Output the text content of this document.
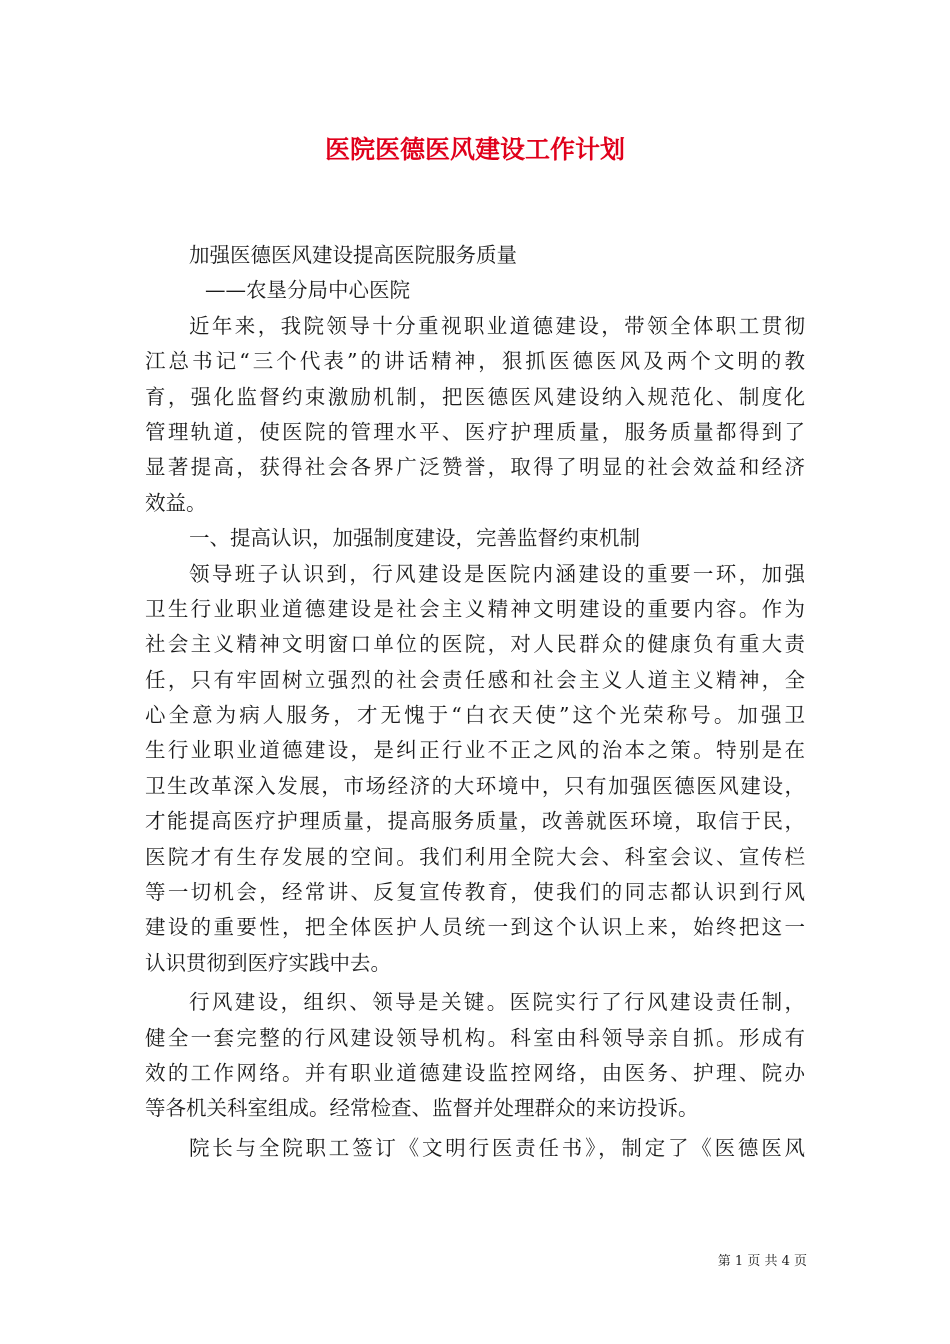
医院医德医风建设工作计划
加强医德医风建设提高医院服务质量
——农垦分局中心医院
近年来，我院领导十分重视职业道德建设，带领全体职工贯彻
江总书记“三个代表”的讲话精神，狠抓医德医风及两个文明的教
育，强化监督约束激励机制，把医德医风建设纳入规范化、制度化
管理轨道，使医院的管理水平、医疗护理质量，服务质量都得到了
显著提高，获得社会各界广泛赞誉，取得了明显的社会效益和经济
效益。
一、提高认识，加强制度建设，完善监督约束机制
领导班子认识到，行风建设是医院内涵建设的重要一环，加强
卫生行业职业道德建设是社会主义精神文明建设的重要内容。作为
社会主义精神文明窗口单位的医院，对人民群众的健康负有重大责
任，只有牢固树立强烈的社会责任感和社会主义人道主义精神，全
心全意为病人服务，才无愧于“白衣天使”这个光荣称号。加强卫
生行业职业道德建设，是纠正行业不正之风的治本之策。特别是在
卫生改革深入发展，市场经济的大环境中，只有加强医德医风建设，
才能提高医疗护理质量，提高服务质量，改善就医环境，取信于民，
医院才有生存发展的空间。我们利用全院大会、科室会议、宣传栏
等一切机会，经常讲、反复宣传教育，使我们的同志都认识到行风
建设的重要性，把全体医护人员统一到这个认识上来，始终把这一
认识贯彻到医疗实践中去。
行风建设，组织、领导是关键。医院实行了行风建设责任制，
健全一套完整的行风建设领导机构。科室由科领导亲自抓。形成有
效的工作网络。并有职业道德建设监控网络，由医务、护理、院办
等各机关科室组成。经常检查、监督并处理群众的来访投诉。
院长与全院职工签订《文明行医责任书》，制定了《医德医风
第 1 页 共 4 页
